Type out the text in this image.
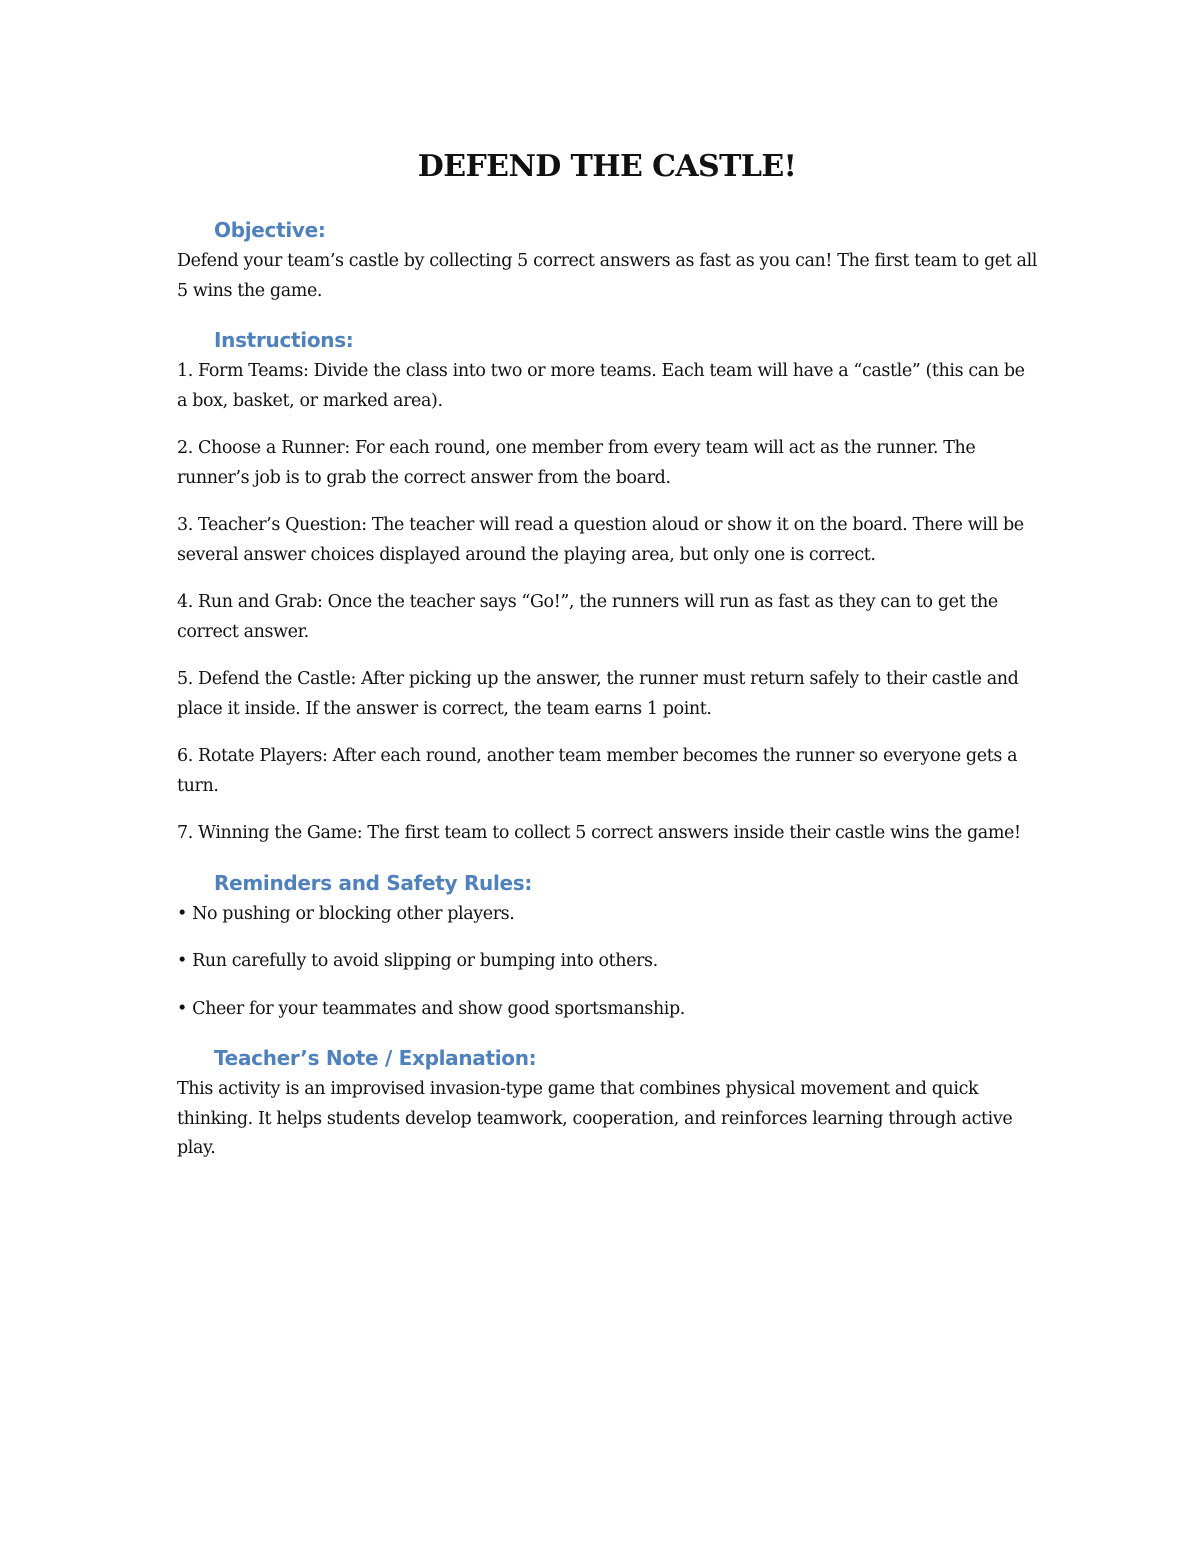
DEFEND THE CASTLE!
Objective:

Defend your team’s castle by collecting 5 correct answers as fast as you can! The first team to get all 5 wins the game.

Instructions:

1. Form Teams: Divide the class into two or more teams. Each team will have a “castle” (this can be a box, basket, or marked area).

2. Choose a Runner: For each round, one member from every team will act as the runner. The runner’s job is to grab the correct answer from the board.

3. Teacher’s Question: The teacher will read a question aloud or show it on the board. There will be several answer choices displayed around the playing area, but only one is correct.

4. Run and Grab: Once the teacher says “Go!”, the runners will run as fast as they can to get the correct answer.

5. Defend the Castle: After picking up the answer, the runner must return safely to their castle and place it inside. If the answer is correct, the team earns 1 point.

6. Rotate Players: After each round, another team member becomes the runner so everyone gets a turn.

7. Winning the Game: The first team to collect 5 correct answers inside their castle wins the game!

Reminders and Safety Rules:

• No pushing or blocking other players.

• Run carefully to avoid slipping or bumping into others.

• Cheer for your teammates and show good sportsmanship.

Teacher’s Note / Explanation:

This activity is an improvised invasion-type game that combines physical movement and quick thinking. It helps students develop teamwork, cooperation, and reinforces learning through active play.
